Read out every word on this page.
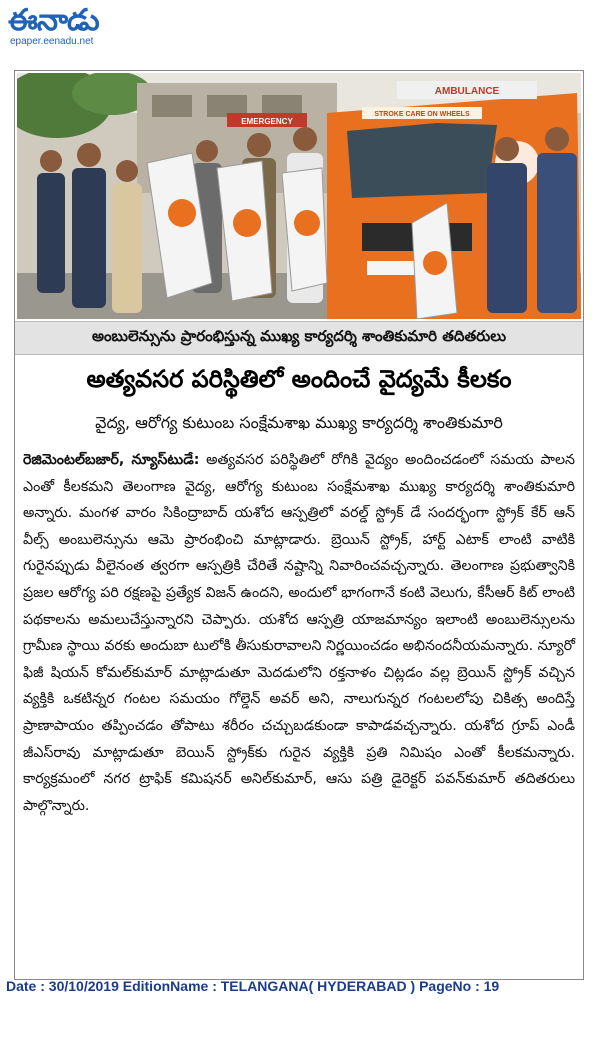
ఈనాడు
epaper.eenadu.net
EMERGENCY
AMBULANCE
STROKE CARE ON WHEELS
అంబులెన్సును ప్రారంభిస్తున్న ముఖ్య కార్యదర్శి శాంతికుమారి తదితరులు
అత్యవసర పరిస్థితిలో అందించే వైద్యమే కీలకం
వైద్య, ఆరోగ్య కుటుంబ సంక్షేమశాఖ ముఖ్య కార్యదర్శి శాంతికుమారి
రెజిమెంటల్‌బజార్‌, న్యూస్‌టుడే: అత్యవసర పరిస్థితిలో రోగికి వైద్యం అందించడంలో సమయ పాలన ఎంతో కీలకమని తెలంగాణ వైద్య, ఆరోగ్య కుటుంబ సంక్షేమశాఖ ముఖ్య కార్యదర్శి శాంతికుమారి అన్నారు. మంగళ వారం సికింద్రాబాద్‌ యశోద ఆస్పత్రిలో వరల్డ్‌ స్ట్రోక్‌ డే సందర్భంగా స్ట్రోక్‌ కేర్‌ ఆన్‌ వీల్స్‌ అంబులెన్సును ఆమె ప్రారంభించి మాట్లాడారు. బ్రెయిన్‌ స్ట్రోక్‌, హార్ట్‌ ఎటాక్‌ లాంటి వాటికి గురైనప్పుడు వీలైనంత త్వరగా ఆస్పత్రికి చేరితే నష్టాన్ని నివారించవచ్చన్నారు. తెలంగాణ ప్రభుత్వానికి ప్రజల ఆరోగ్య పరి రక్షణపై ప్రత్యేక విజన్‌ ఉందని, అందులో భాగంగానే కంటి వెలుగు, కేసీఆర్‌ కిట్‌ లాంటి పథకాలను అమలుచేస్తున్నారని చెప్పారు. యశోద ఆస్పత్రి యాజమాన్యం ఇలాంటి అంబులెన్సులను గ్రామీణ స్థాయి వరకు అందుబా టులోకి తీసుకురావాలని నిర్ణయించడం అభినందనీయమన్నారు. న్యూరో ఫిజీ షియన్‌ కోమల్‌కుమార్‌ మాట్లాడుతూ మెదడులోని రక్తనాళం చిట్లడం వల్ల బ్రెయిన్‌ స్ట్రోక్‌ వచ్చిన వ్యక్తికి ఒకటిన్నర గంటల సమయం గోల్డెన్‌ అవర్‌ అని, నాలుగున్నర గంటలలోపు చికిత్స అందిస్తే ప్రాణాపాయం తప్పించడం తోపాటు శరీరం చచ్చుబడకుండా కాపాడవచ్చన్నారు. యశోద గ్రూప్‌ ఎండీ జీఎస్‌రావు మాట్లాడుతూ బెయిన్‌ స్ట్రోక్‌కు గురైన వ్యక్తికి ప్రతి నిమిషం ఎంతో కీలకమన్నారు. కార్యక్రమంలో నగర ట్రాఫిక్‌ కమిషనర్‌ అనిల్‌కుమార్‌, ఆసు పత్రి డైరెక్టర్‌ పవన్‌కుమార్‌ తదితరులు పాల్గొన్నారు.
Date : 30/10/2019 EditionName : TELANGANA( HYDERABAD ) PageNo : 19
